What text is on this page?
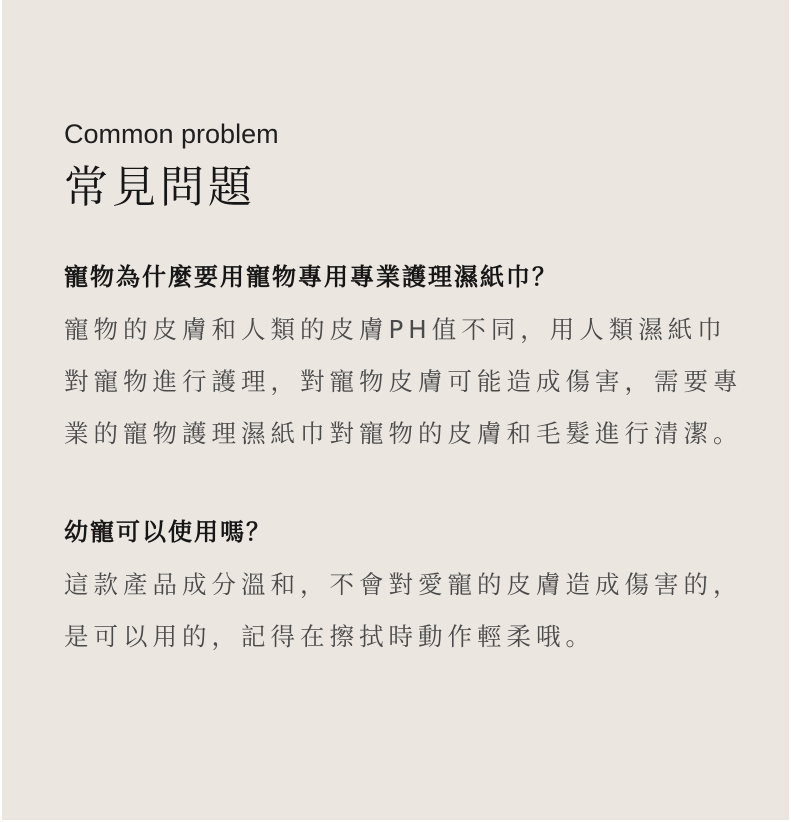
Common problem

常見問題

寵物為什麼要用寵物專用專業護理濕紙巾？

寵物的皮膚和人類的皮膚PH值不同，用人類濕紙巾對寵物進行護理，對寵物皮膚可能造成傷害，需要專業的寵物護理濕紙巾對寵物的皮膚和毛髮進行清潔。

幼寵可以使用嗎？

這款產品成分溫和，不會對愛寵的皮膚造成傷害的，是可以用的，記得在擦拭時動作輕柔哦。
